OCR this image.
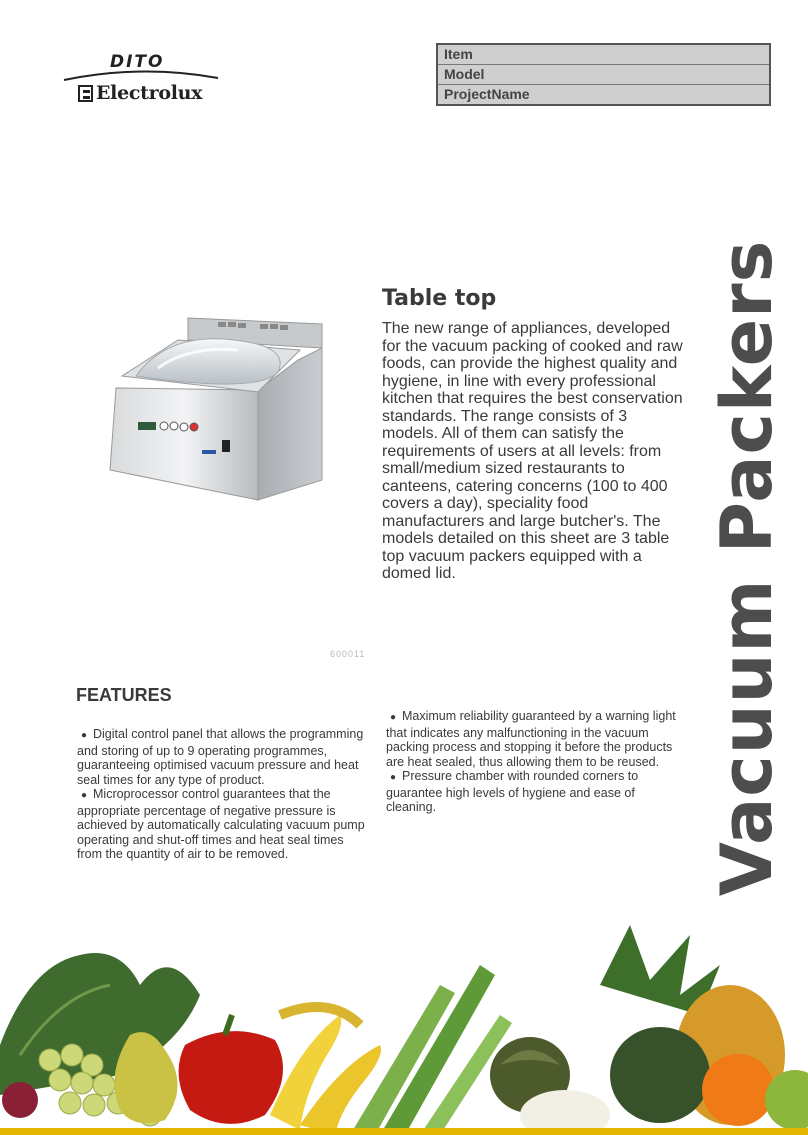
DITO
Electrolux
Item
Model
ProjectName
Vacuum Packers
600011
Table top
The new range of appliances, developed for the vacuum packing of cooked and raw foods, can provide the highest quality and hygiene, in line with every professional kitchen that requires the best conservation standards. The range consists of 3 models. All of them can satisfy the requirements of users at all levels: from small/medium sized restaurants to canteens, catering concerns (100 to 400 covers a day), speciality food manufacturers and large butcher's. The models detailed on this sheet are 3 table top vacuum packers equipped with a domed lid.
FEATURES
● Digital control panel that allows the programming and storing of up to 9 operating programmes, guaranteeing optimised vacuum pressure and heat seal times for any type of product.
● Microprocessor control guarantees that the appropriate percentage of negative pressure is achieved by automatically calculating vacuum pump operating and shut-off times and heat seal times from the quantity of air to be removed.
● Maximum reliability guaranteed by a warning light that indicates any malfunctioning in the vacuum packing process and stopping it before the products are heat sealed, thus allowing them to be reused.
● Pressure chamber with rounded corners to guarantee high levels of hygiene and ease of cleaning.
